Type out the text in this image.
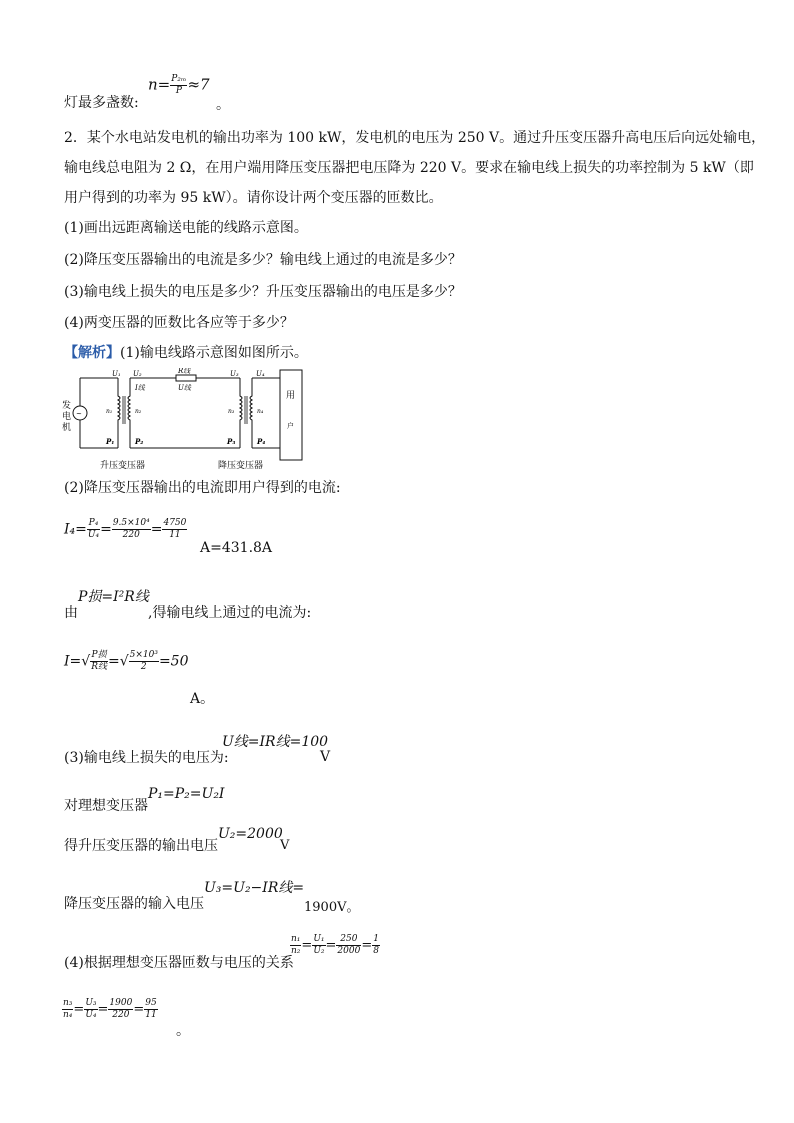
$n= \frac{\text{P₂ₘ}}{P} \approx 7$
灯最多盏数:	。
2．某个水电站发电机的输出功率为 100 kW，发电机的电压为 250 V。通过升压变压器升高电压后向远处输电，
输电线总电阻为 2 Ω，在用户端用降压变压器把电压降为 220 V。要求在输电线上损失的功率控制为 5 kW（即
用户得到的功率为 95 kW）。请你设计两个变压器的匝数比。
(1)画出远距离输送电能的线路示意图。
(2)降压变压器输出的电流是多少？输电线上通过的电流是多少？
(3)输电线上损失的电压是多少？升压变压器输出的电压是多少？
(4)两变压器的匝数比各应等于多少？
【解析】(1)输电线路示意图如图所示。
~
发
电
机
U₁ U₂	R线
U线
I线
U₃ U₄
n₁	n₂	n₃	n₄
P₁	P₂	P₃	P₄
用
户
升压变压器	降压变压器
(2)降压变压器输出的电流即用户得到的电流:
$I_4= \frac{\text{P₄}}{\text{U₄}} = \frac{\text{9.5×10⁴}}{220} = \frac{4750}{11}$
A=431.8A
P损=I²R线
由	,得输电线上通过的电流为:
$I=√ \frac{\text{P损}}{\text{R线}}$ =√ $\frac{\text{5×10³}}{2} =50$
A。
U线=IR线=100
(3)输电线上损失的电压为:	V
P₁=P₂=U₂I
对理想变压器
U₂=2000
得升压变压器的输出电压	V
U₃=U₂−IR线=
降压变压器的输入电压	1900V。
$\frac{\text{n₁}}{\text{n₂}} = \frac{\text{U₁}}{\text{U₂}} = \frac{250}{2000} = \frac{1}{8}$
(4)根据理想变压器匝数与电压的关系
$\frac{\text{n₃}}{\text{n₄}} = \frac{\text{U₃}}{\text{U₄}} = \frac{1900}{220} = \frac{95}{11}$
。
